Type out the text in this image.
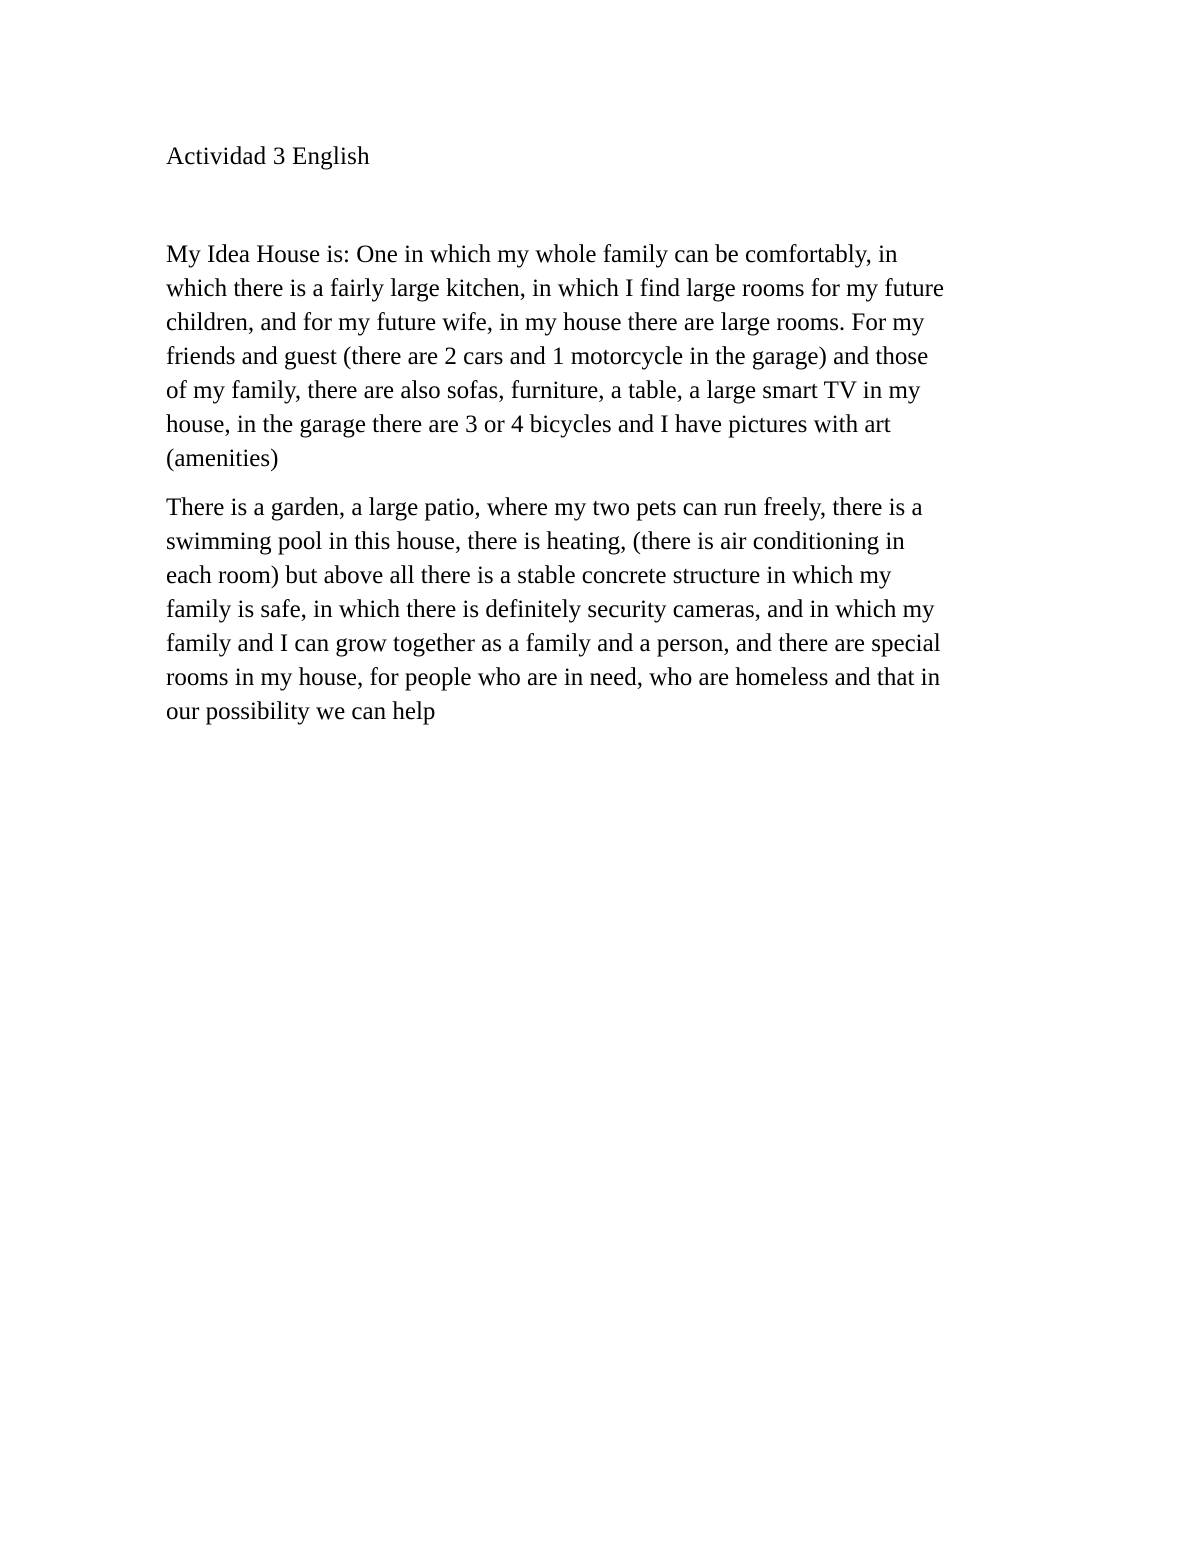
Actividad 3 English

My Idea House is: One in which my whole family can be comfortably, in
which there is a fairly large kitchen, in which I find large rooms for my future
children, and for my future wife, in my house there are large rooms. For my
friends and guest (there are 2 cars and 1 motorcycle in the garage) and those
of my family, there are also sofas, furniture, a table, a large smart TV in my
house, in the garage there are 3 or 4 bicycles and I have pictures with art
(amenities)

There is a garden, a large patio, where my two pets can run freely, there is a
swimming pool in this house, there is heating, (there is air conditioning in
each room) but above all there is a stable concrete structure in which my
family is safe, in which there is definitely security cameras, and in which my
family and I can grow together as a family and a person, and there are special
rooms in my house, for people who are in need, who are homeless and that in
our possibility we can help
